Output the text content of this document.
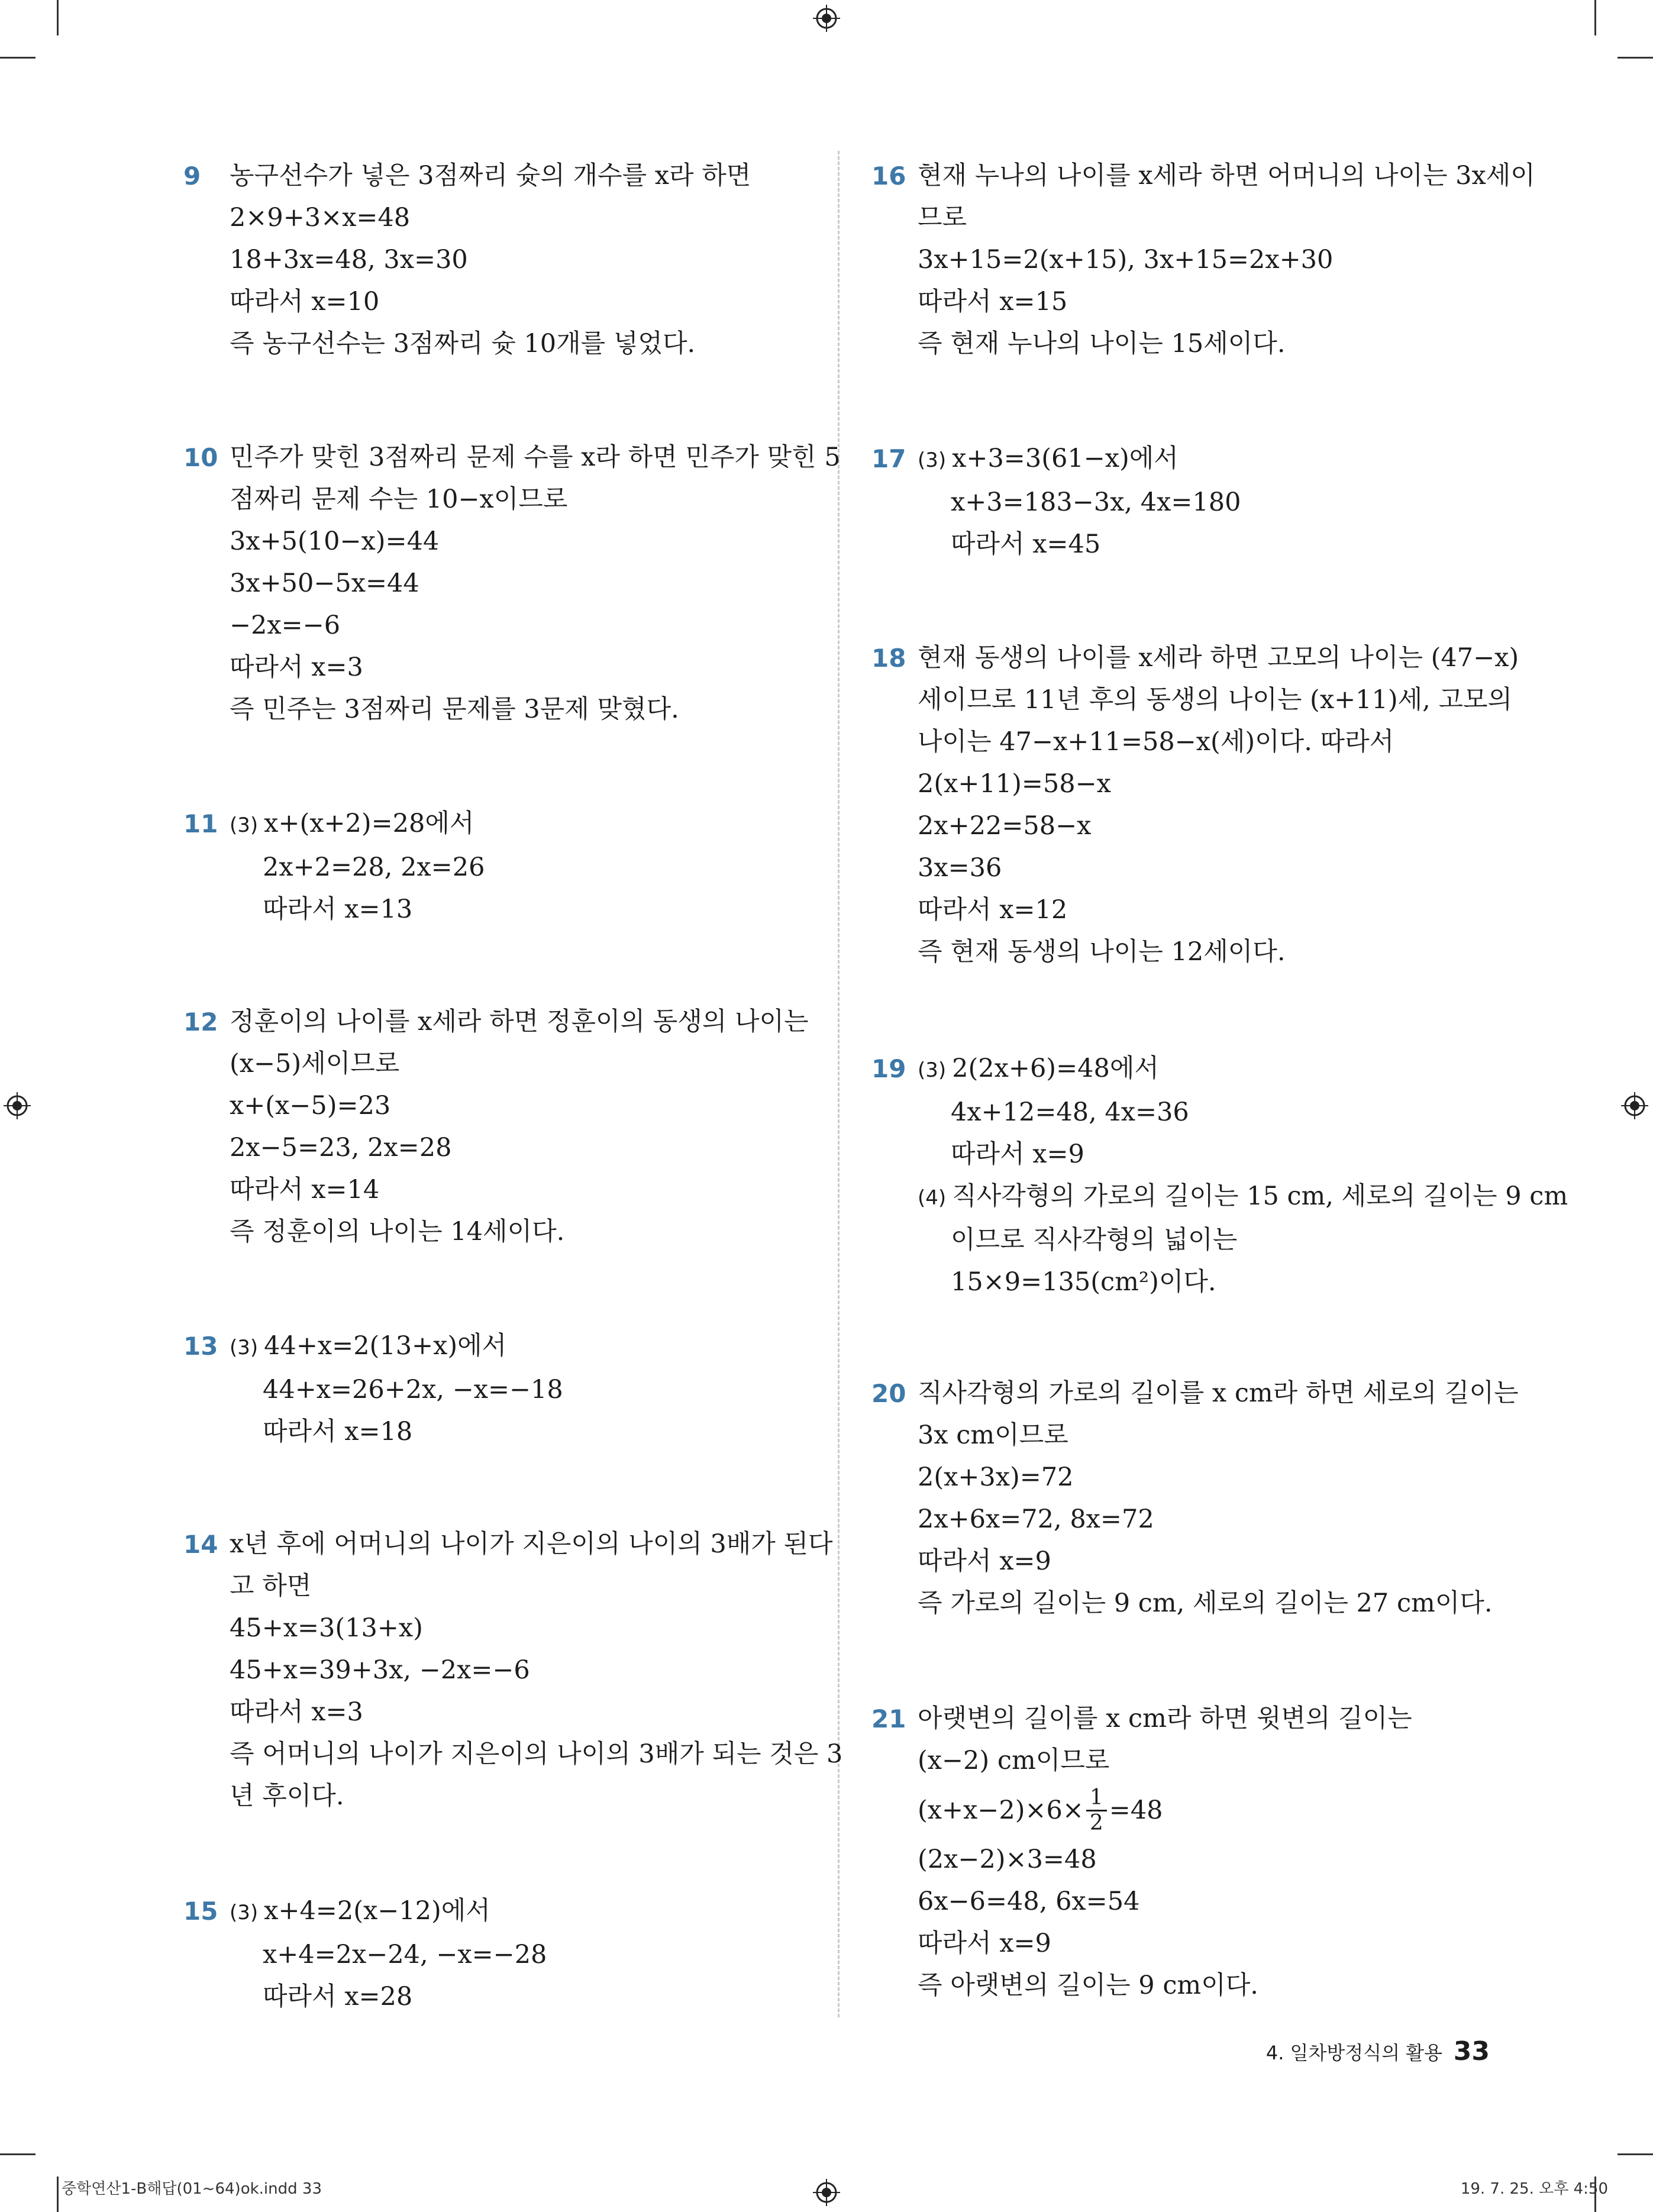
9	농구선수가 넣은 3점짜리 슛의 개수를 x라 하면
2×9+3×x=48
18+3x=48, 3x=30
따라서 x=10
즉 농구선수는 3점짜리 슛 10개를 넣었다.
10 민주가 맞힌 3점짜리 문제 수를 x라 하면 민주가 맞힌 5
점짜리 문제 수는 10−x이므로
3x+5(10−x)=44
3x+50−5x=44
−2x=−6
따라서 x=3
즉 민주는 3점짜리 문제를 3문제 맞혔다.
11 (3) x+(x+2)=28에서
2x+2=28, 2x=26
따라서 x=13
12 정훈이의 나이를 x세라 하면 정훈이의 동생의 나이는
(x−5)세이므로
x+(x−5)=23
2x−5=23, 2x=28
따라서 x=14
즉 정훈이의 나이는 14세이다.
13 (3) 44+x=2(13+x)에서
44+x=26+2x, −x=−18
따라서 x=18
14 x년 후에 어머니의 나이가 지은이의 나이의 3배가 된다
고 하면
45+x=3(13+x)
45+x=39+3x, −2x=−6
따라서 x=3
즉 어머니의 나이가 지은이의 나이의 3배가 되는 것은 3
년 후이다.
15 (3) x+4=2(x−12)에서
x+4=2x−24, −x=−28
따라서 x=28
16 현재 누나의 나이를 x세라 하면 어머니의 나이는 3x세이
므로
3x+15=2(x+15), 3x+15=2x+30
따라서 x=15
즉 현재 누나의 나이는 15세이다.
17 (3) x+3=3(61−x)에서
x+3=183−3x, 4x=180
따라서 x=45
18 현재 동생의 나이를 x세라 하면 고모의 나이는 (47−x)
세이므로 11년 후의 동생의 나이는 (x+11)세, 고모의
나이는 47−x+11=58−x(세)이다. 따라서
2(x+11)=58−x
2x+22=58−x
3x=36
따라서 x=12
즉 현재 동생의 나이는 12세이다.
19 (3) 2(2x+6)=48에서
4x+12=48, 4x=36
따라서 x=9
(4) 직사각형의 가로의 길이는 15 cm, 세로의 길이는 9 cm
이므로 직사각형의 넓이는
15×9=135(cm²)이다.
20 직사각형의 가로의 길이를 x cm라 하면 세로의 길이는
3x cm이므로
2(x+3x)=72
2x+6x=72, 8x=72
따라서 x=9
즉 가로의 길이는 9 cm, 세로의 길이는 27 cm이다.
21 아랫변의 길이를 x cm라 하면 윗변의 길이는
(x−2) cm이므로
$(x+x-2)\times 6\times \frac{1}{2} =48$
(2x−2)×3=48
6x−6=48, 6x=54
따라서 x=9
즉 아랫변의 길이는 9 cm이다.
4. 일차방정식의 활용 33
중학연산1-B해답(01~64)ok.indd 33	19. 7. 25. 오후 4:50
